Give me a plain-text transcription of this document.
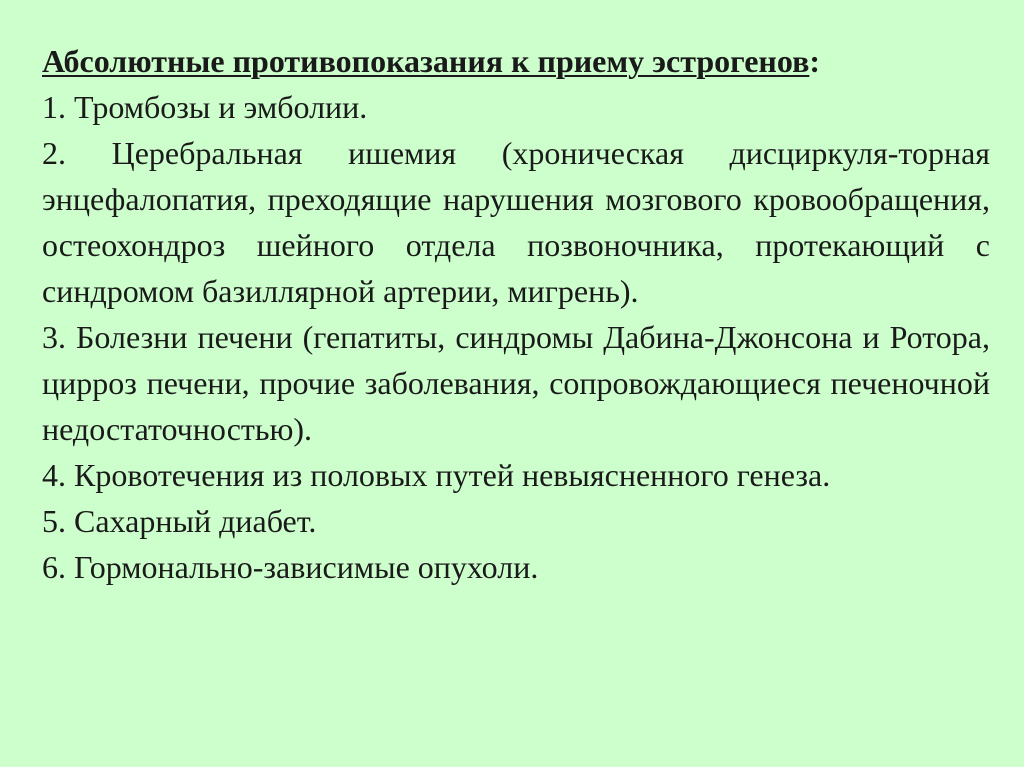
Абсолютные противопоказания к приему эстрогенов:

1. Тромбозы и эмболии.

2. Церебральная ишемия (хроническая дисциркуля-торная энцефалопатия, преходящие нарушения мозгового кровообращения, остеохондроз шейного отдела позвоночника, протекающий с синдромом базиллярной артерии, мигрень).

3. Болезни печени (гепатиты, синдромы Дабина-Джонсона и Ротора, цирроз печени, прочие заболевания, сопровождающиеся печеночной недостаточностью).

4. Кровотечения из половых путей невыясненного генеза.

5. Сахарный диабет.

6. Гормонально-зависимые опухоли.
